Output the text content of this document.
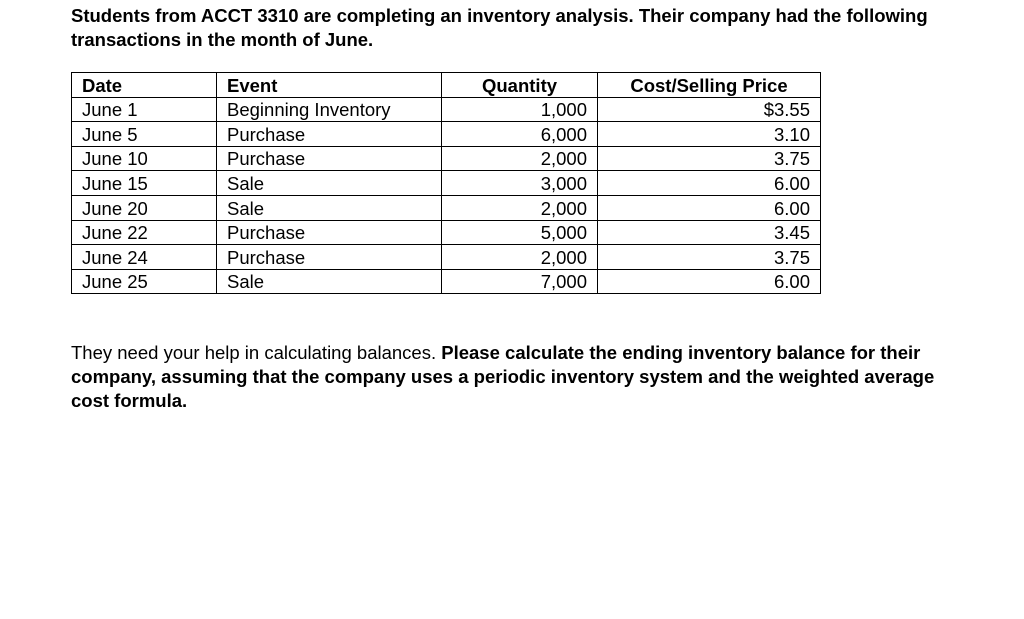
Students from ACCT 3310 are completing an inventory analysis. Their company had the following transactions in the month of June.

Date	Event	Quantity	Cost/Selling Price
June 1	Beginning Inventory	1,000	$3.55
June 5	Purchase	6,000	3.10
June 10	Purchase	2,000	3.75
June 15	Sale	3,000	6.00
June 20	Sale	2,000	6.00
June 22	Purchase	5,000	3.45
June 24	Purchase	2,000	3.75
June 25	Sale	7,000	6.00

They need your help in calculating balances. Please calculate the ending inventory balance for their company, assuming that the company uses a periodic inventory system and the weighted average cost formula.
